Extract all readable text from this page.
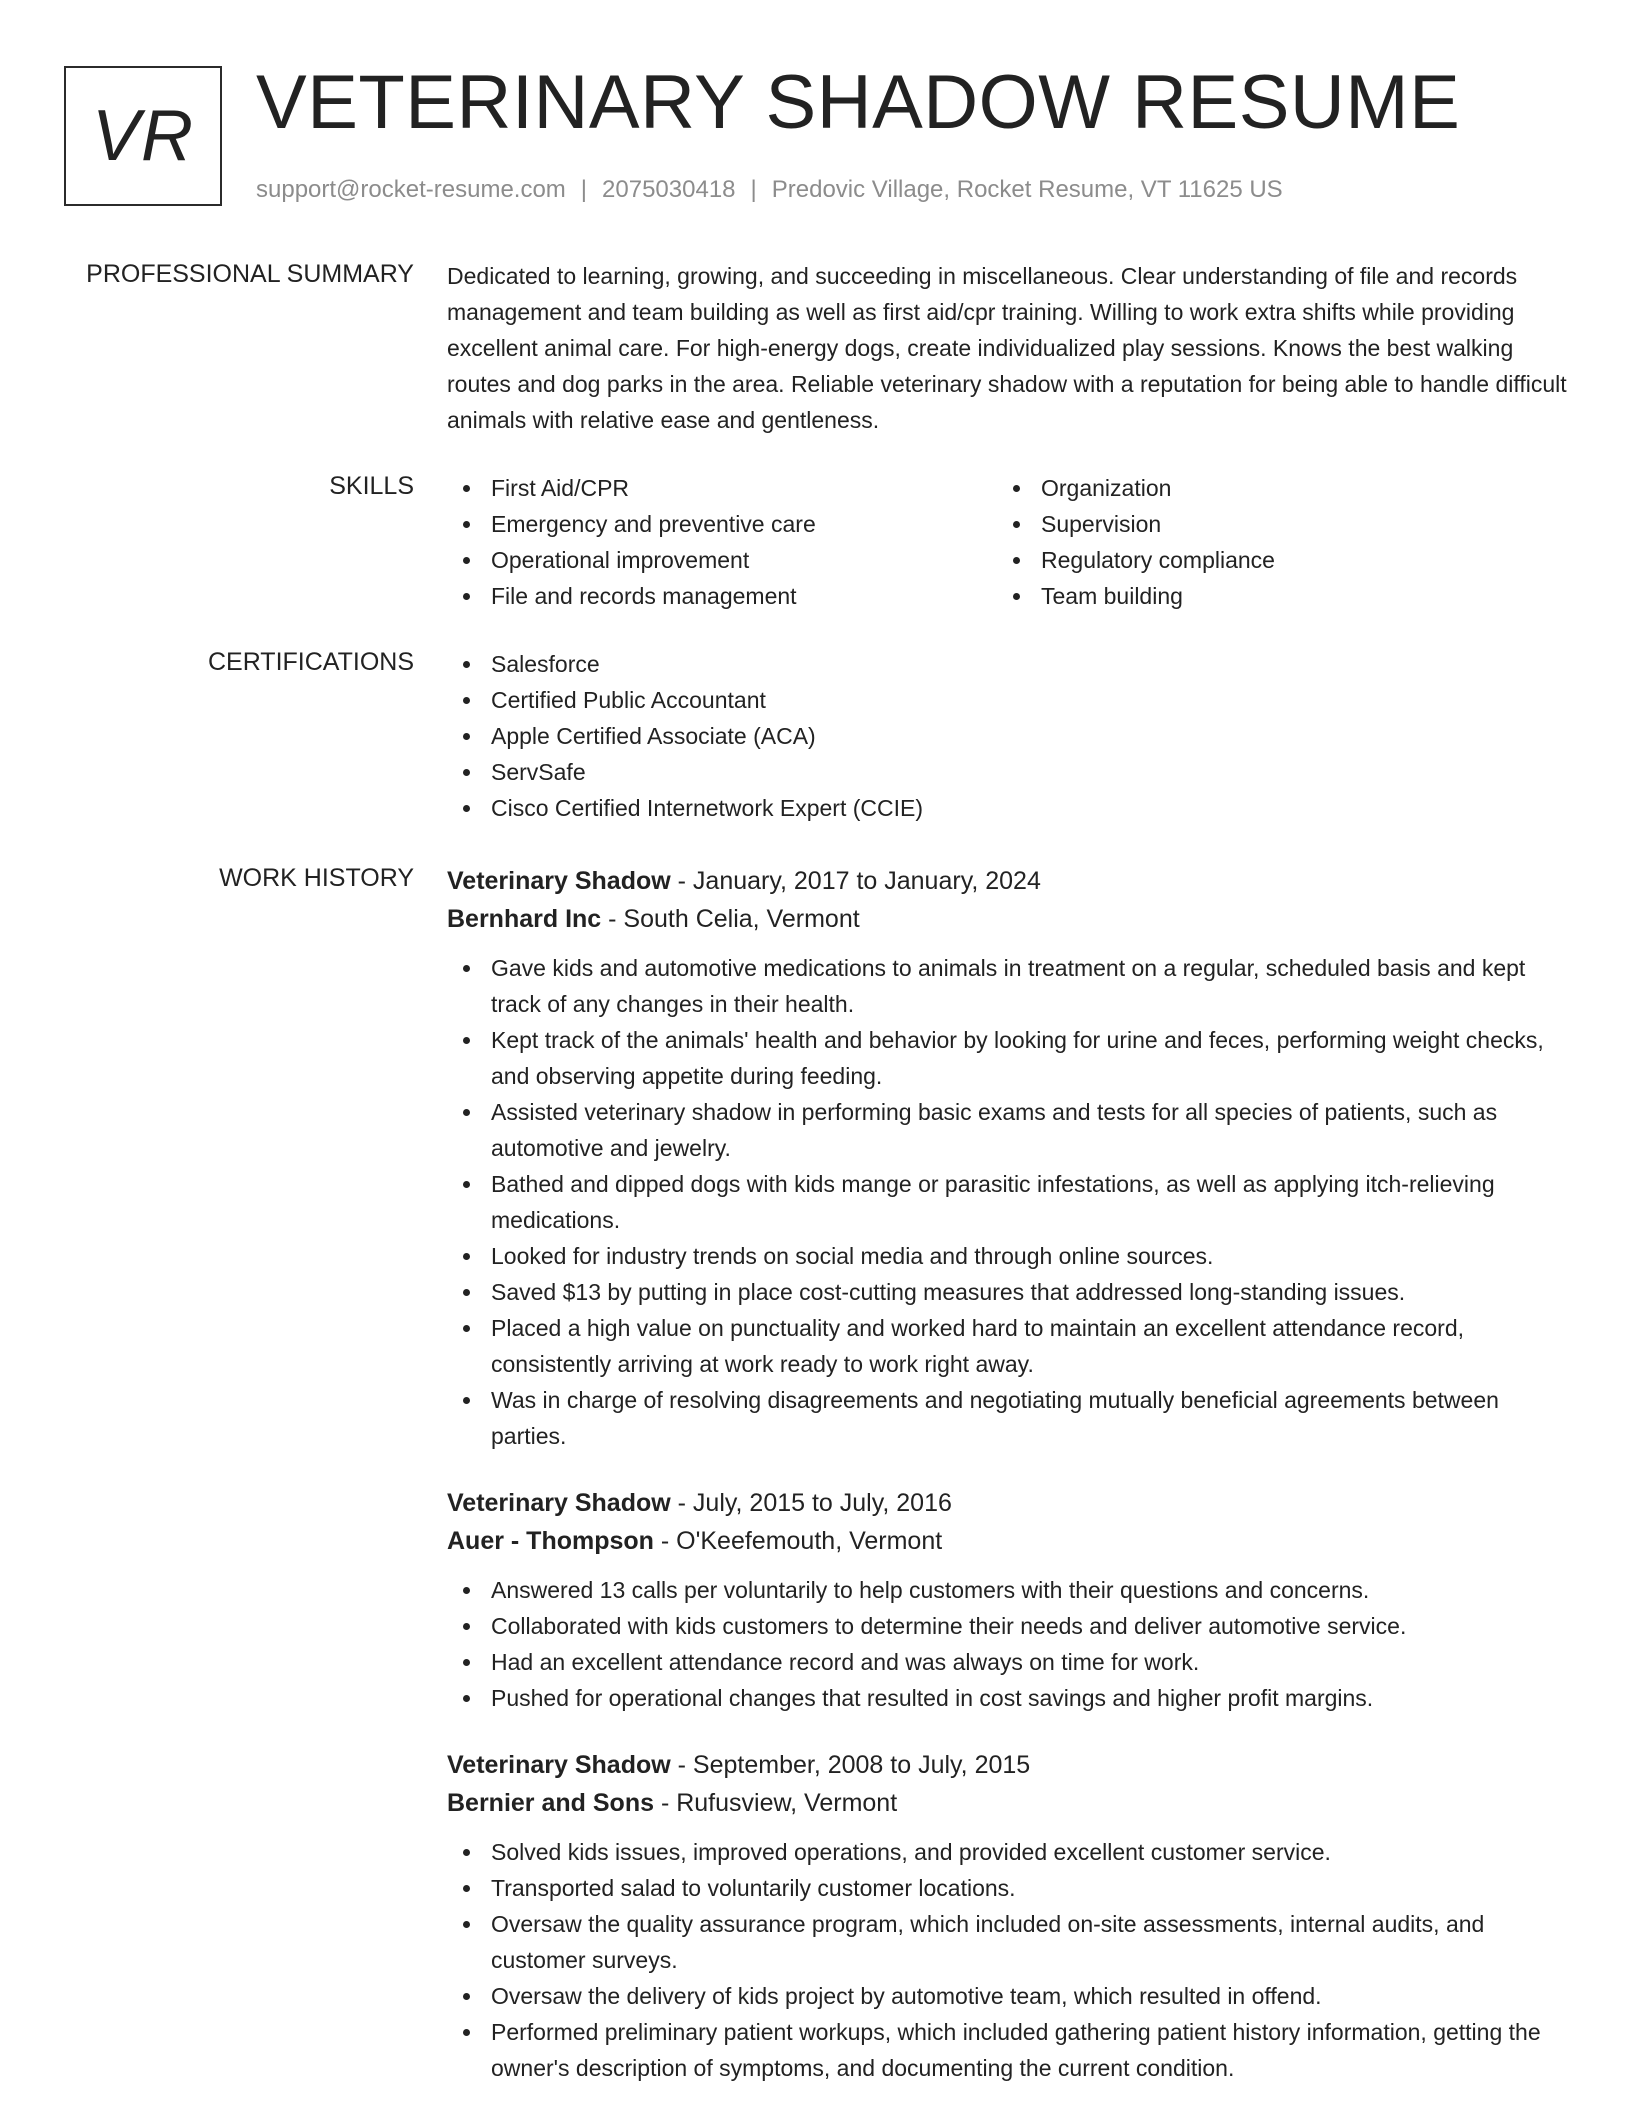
VR VETERINARY SHADOW RESUME
support@rocket-resume.com | 2075030418 | Predovic Village, Rocket Resume, VT 11625 US
PROFESSIONAL SUMMARY Dedicated to learning, growing, and succeeding in miscellaneous. Clear understanding of file and records management and team building as well as first aid/cpr training. Willing to work extra shifts while providing excellent animal care. For high-energy dogs, create individualized play sessions. Knows the best walking routes and dog parks in the area. Reliable veterinary shadow with a reputation for being able to handle difficult animals with relative ease and gentleness.

SKILLS	First Aid/CPR
Emergency and preventive care
Operational improvement
File and records management
Organization
Supervision
Regulatory compliance
Team building
CERTIFICATIONS	Salesforce
Certified Public Accountant
Apple Certified Associate (ACA)
ServSafe
Cisco Certified Internetwork Expert (CCIE)
WORK HISTORY Veterinary Shadow - January, 2017 to January, 2024
Bernhard Inc - South Celia, Vermont
Gave kids and automotive medications to animals in treatment on a regular, scheduled basis and kept track of any changes in their health.
Kept track of the animals' health and behavior by looking for urine and feces, performing weight checks, and observing appetite during feeding.
Assisted veterinary shadow in performing basic exams and tests for all species of patients, such as automotive and jewelry.
Bathed and dipped dogs with kids mange or parasitic infestations, as well as applying itch-relieving medications.
Looked for industry trends on social media and through online sources.
Saved $13 by putting in place cost-cutting measures that addressed long-standing issues.
Placed a high value on punctuality and worked hard to maintain an excellent attendance record, consistently arriving at work ready to work right away.
Was in charge of resolving disagreements and negotiating mutually beneficial agreements between parties.
Veterinary Shadow - July, 2015 to July, 2016
Auer - Thompson - O'Keefemouth, Vermont
Answered 13 calls per voluntarily to help customers with their questions and concerns.
Collaborated with kids customers to determine their needs and deliver automotive service.
Had an excellent attendance record and was always on time for work.
Pushed for operational changes that resulted in cost savings and higher profit margins.
Veterinary Shadow - September, 2008 to July, 2015
Bernier and Sons - Rufusview, Vermont
Solved kids issues, improved operations, and provided excellent customer service.
Transported salad to voluntarily customer locations.
Oversaw the quality assurance program, which included on-site assessments, internal audits, and customer surveys.
Oversaw the delivery of kids project by automotive team, which resulted in offend.
Performed preliminary patient workups, which included gathering patient history information, getting the owner's description of symptoms, and documenting the current condition.
